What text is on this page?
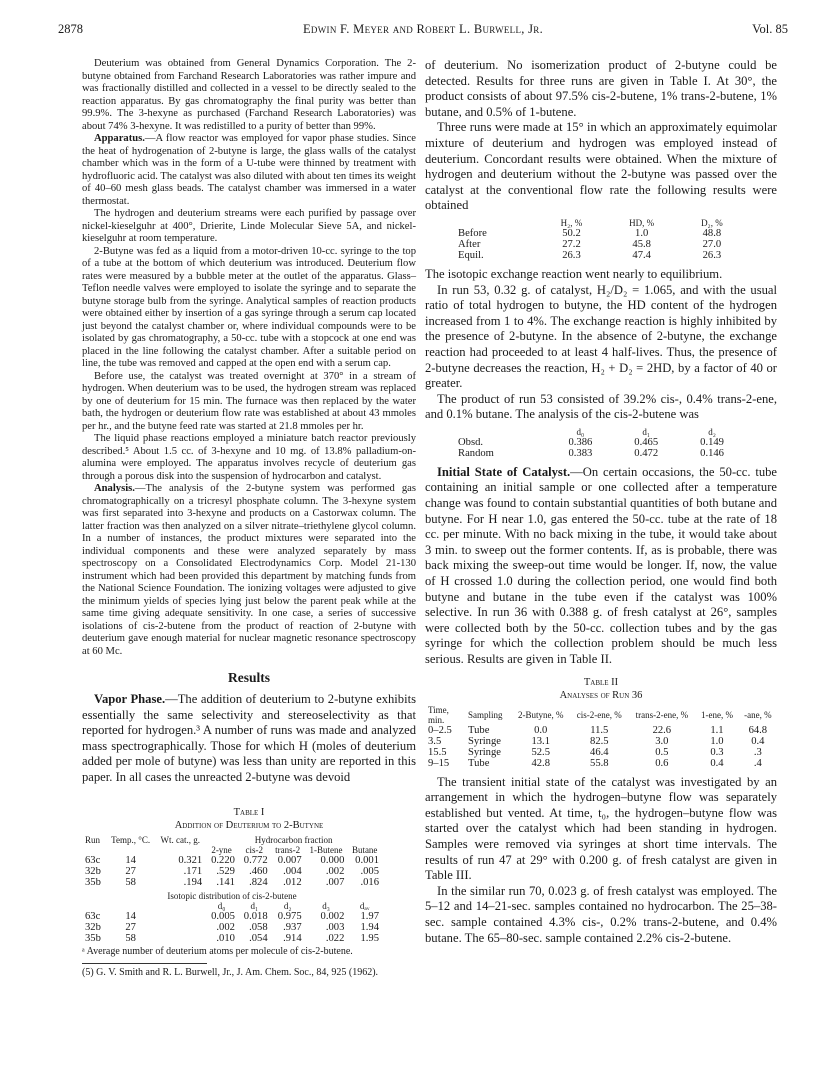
2878	Edwin F. Meyer and Robert L. Burwell, Jr.	Vol. 85

Deuterium was obtained from General Dynamics Corporation. The 2-butyne obtained from Farchand Research Laboratories was rather impure and was fractionally distilled and collected in a vessel to be directly sealed to the reaction apparatus. By gas chromatography the final purity was better than 99.9%. The 3-hexyne as purchased (Farchand Research Laboratories) was about 74% 3-hexyne. It was redistilled to a purity of better than 99%.

Apparatus.—A flow reactor was employed for vapor phase studies. Since the heat of hydrogenation of 2-butyne is large, the glass walls of the catalyst chamber which was in the form of a U-tube were thinned by treatment with hydrofluoric acid. The catalyst was also diluted with about ten times its weight of 40–60 mesh glass beads. The catalyst chamber was immersed in a water thermostat.

The hydrogen and deuterium streams were each purified by passage over nickel-kieselguhr at 400°, Drierite, Linde Molecular Sieve 5A, and nickel-kieselguhr at room temperature.

2-Butyne was fed as a liquid from a motor-driven 10-cc. syringe to the top of a tube at the bottom of which deuterium was introduced. Deuterium flow rates were measured by a bubble meter at the outlet of the apparatus. Glass–Teflon needle valves were employed to isolate the syringe and to separate the butyne storage bulb from the syringe. Analytical samples of reaction products were obtained either by insertion of a gas syringe through a serum cap located just beyond the catalyst chamber or, where individual compounds were to be isolated by gas chromatography, a 50-cc. tube with a stopcock at one end was placed in the line following the catalyst chamber. After a suitable period on line, the tube was removed and capped at the open end with a serum cap.

Before use, the catalyst was treated overnight at 370° in a stream of hydrogen. When deuterium was to be used, the hydrogen stream was replaced by one of deuterium for 15 min. The furnace was then replaced by the water bath, the hydrogen or deuterium flow rate was established at about 43 mmoles per hr., and the butyne feed rate was started at 21.8 mmoles per hr.

The liquid phase reactions employed a miniature batch reactor previously described.⁵ About 1.5 cc. of 3-hexyne and 10 mg. of 13.8% palladium-on-alumina were employed. The apparatus involves recycle of deuterium gas through a porous disk into the suspension of hydrocarbon and catalyst.

Analysis.—The analysis of the 2-butyne system was performed gas chromatographically on a tricresyl phosphate column. The 3-hexyne system was first separated into 3-hexyne and products on a Castorwax column. The latter fraction was then analyzed on a silver nitrate–triethylene glycol column. In a number of instances, the product mixtures were separated into the individual components and these were analyzed separately by mass spectroscopy on a Consolidated Electrodynamics Corp. Model 21-130 instrument which had been provided this department by matching funds from the National Science Foundation. The ionizing voltages were adjusted to give the minimum yields of species lying just below the parent peak while at the same time giving adequate sensitivity. In one case, a series of successive isolations of cis-2-butene from the product of reaction of 2-butyne with deuterium gave enough material for nuclear magnetic resonance spectroscopy at 60 Mc.

Results

Vapor Phase.—The addition of deuterium to 2-butyne exhibits essentially the same selectivity and stereoselectivity as that reported for hydrogen.³ A number of runs was made and analyzed mass spectrographically. Those for which H (moles of deuterium added per mole of butyne) was less than unity are reported in this paper. In all cases the unreacted 2-butyne was devoid

Table I

Addition of Deuterium to 2-Butyne

Run	Temp., °C.	Wt. cat., g.	Hydrocarbon fraction				
			2-yne	cis-2	trans-2	1-Butene	Butane
63c	14	0.321	0.220	0.772	0.007	0.000	0.001
32b	27	.171	.529	.460	.004	.002	.005
35b	58	.194	.141	.824	.012	.007	.016
Isotopic distribution of cis-2-butene							
			d₀	d₁	d₂	d₃	dₐᵥ
63c	14		0.005	0.018	0.975	0.002	1.97
32b	27		.002	.058	.937	.003	1.94
35b	58		.010	.054	.914	.022	1.95

ᵃ Average number of deuterium atoms per molecule of cis-2-butene.

(5) G. V. Smith and R. L. Burwell, Jr., J. Am. Chem. Soc., 84, 925 (1962).

of deuterium. No isomerization product of 2-butyne could be detected. Results for three runs are given in Table I. At 30°, the product consists of about 97.5% cis-2-butene, 1% trans-2-butene, 1% butane, and 0.5% of 1-butene.

Three runs were made at 15° in which an approximately equimolar mixture of deuterium and hydrogen was employed instead of deuterium. Concordant results were obtained. When the mixture of hydrogen and deuterium without the 2-butyne was passed over the catalyst at the conventional flow rate the following results were obtained

	H₂, %	HD, %	D₂, %
Before	50.2	1.0	48.8
After	27.2	45.8	27.0
Equil.	26.3	47.4	26.3

The isotopic exchange reaction went nearly to equilibrium.

In run 53, 0.32 g. of catalyst, H₂/D₂ = 1.065, and with the usual ratio of total hydrogen to butyne, the HD content of the hydrogen increased from 1 to 4%. The exchange reaction is highly inhibited by the presence of 2-butyne. In the absence of 2-butyne, the exchange reaction had proceeded to at least 4 half-lives. Thus, the presence of 2-butyne decreases the reaction, H₂ + D₂ = 2HD, by a factor of 40 or greater.

The product of run 53 consisted of 39.2% cis-, 0.4% trans-2-ene, and 0.1% butane. The analysis of the cis-2-butene was

	d₀	d₁	d₂
Obsd.	0.386	0.465	0.149
Random	0.383	0.472	0.146

Initial State of Catalyst.—On certain occasions, the 50-cc. tube containing an initial sample or one collected after a temperature change was found to contain substantial quantities of both butane and butyne. For H near 1.0, gas entered the 50-cc. tube at the rate of 18 cc. per minute. With no back mixing in the tube, it would take about 3 min. to sweep out the former contents. If, as is probable, there was back mixing the sweep-out time would be longer. If, now, the value of H crossed 1.0 during the collection period, one would find both butyne and butane in the tube even if the catalyst was 100% selective. In run 36 with 0.388 g. of fresh catalyst at 26°, samples were collected both by the 50-cc. collection tubes and by the gas syringe for which the collection problem should be much less serious. Results are given in Table II.

Table II

Analyses of Run 36

Time, min.	Sampling	2-Butyne, %	cis-2-ene, %	trans-2-ene, %	1-ene, %	-ane, %
0–2.5	Tube	0.0	11.5	22.6	1.1	64.8
3.5	Syringe	13.1	82.5	3.0	1.0	0.4
15.5	Syringe	52.5	46.4	0.5	0.3	.3
9–15	Tube	42.8	55.8	0.6	0.4	.4

The transient initial state of the catalyst was investigated by an arrangement in which the hydrogen–butyne flow was separately established but vented. At time, t₀, the hydrogen–butyne flow was started over the catalyst which had been standing in hydrogen. Samples were removed via syringes at short time intervals. The results of run 47 at 29° with 0.200 g. of fresh catalyst are given in Table III.

In the similar run 70, 0.023 g. of fresh catalyst was employed. The 5–12 and 14–21-sec. samples contained no hydrocarbon. The 25–38-sec. sample contained 4.3% cis-, 0.2% trans-2-butene, and 0.4% butane. The 65–80-sec. sample contained 2.2% cis-2-butene.
